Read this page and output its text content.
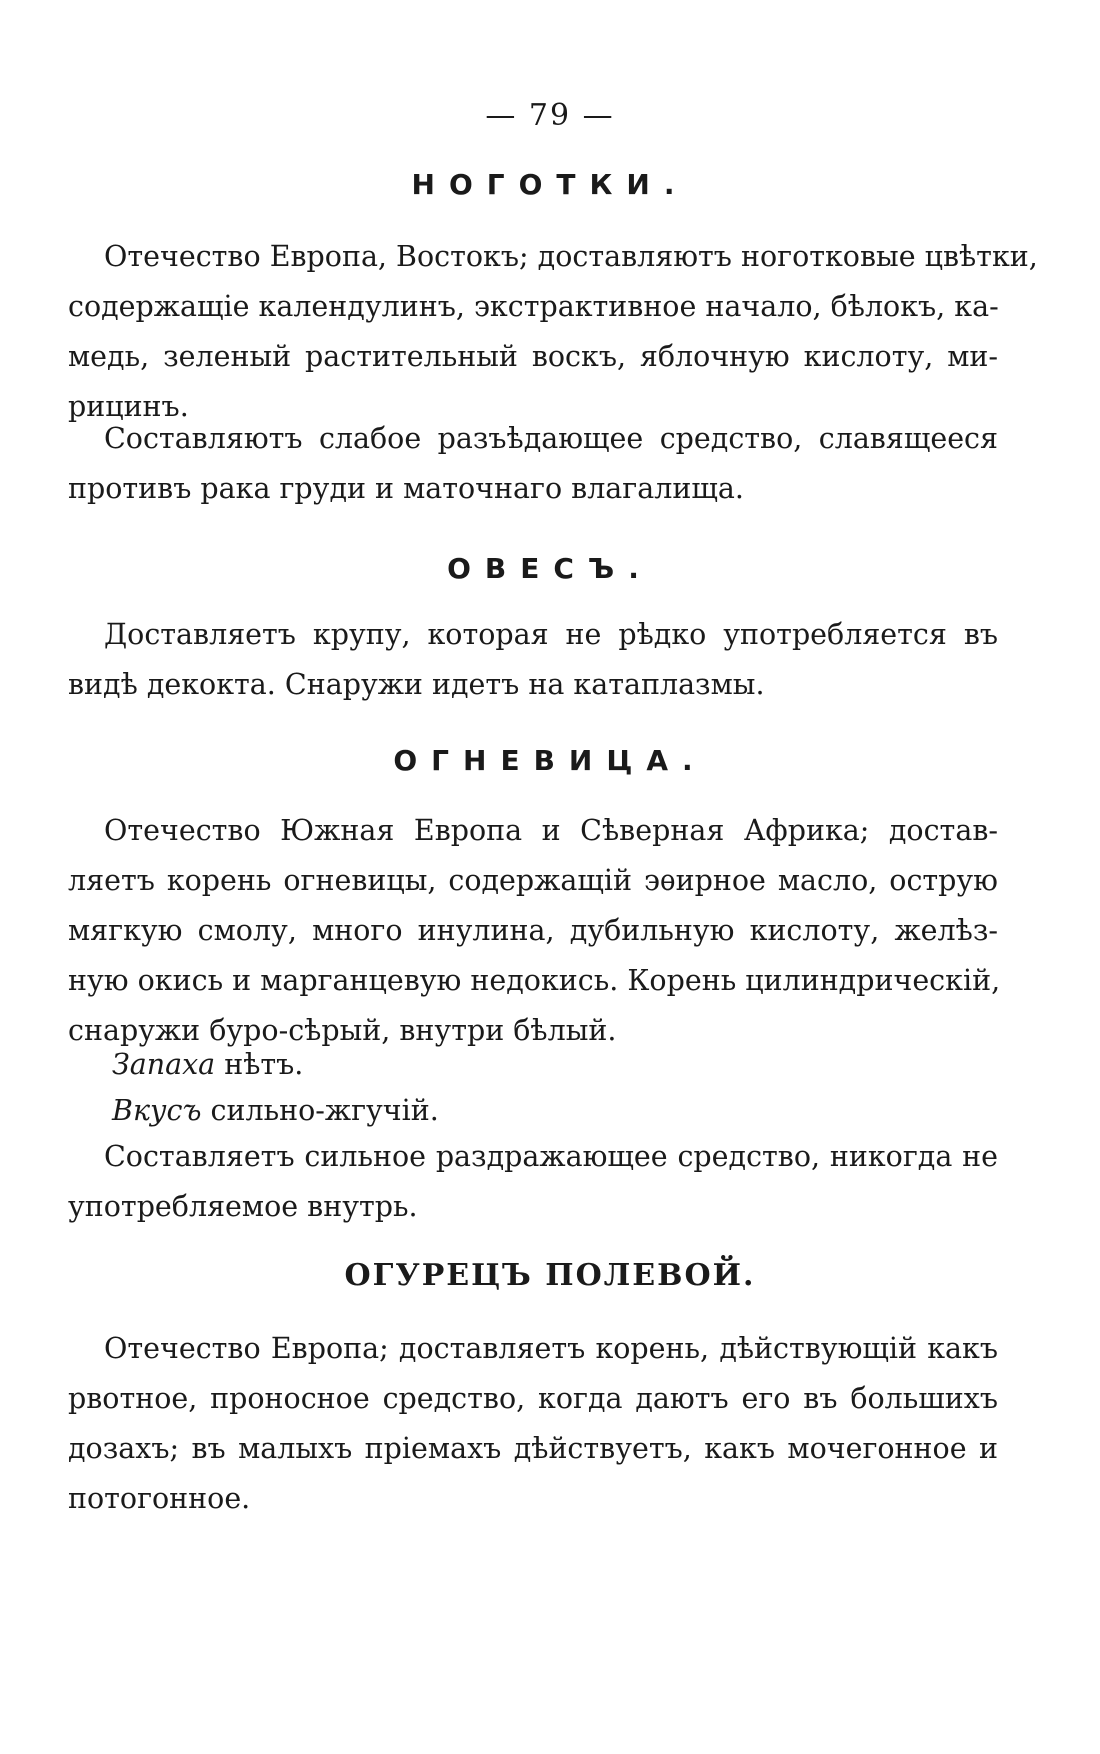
— 79 —
НОГОТКИ.
Отечество Европа, Востокъ; доставляютъ ноготковые цвѣтки,
содержащіе календулинъ, экстрактивное начало, бѣлокъ, ка-
медь, зеленый растительный воскъ, яблочную кислоту, ми-
рицинъ.
Составляютъ слабое разъѣдающее средство, славящееся
противъ рака груди и маточнаго влагалища.
ОВЕСЪ.
Доставляетъ крупу, которая не рѣдко употребляется въ
видѣ декокта. Снаружи идетъ на катаплазмы.
ОГНЕВИЦА.
Отечество Южная Европа и Сѣверная Африка; достав-
ляетъ корень огневицы, содержащій эѳирное масло, острую
мягкую смолу, много инулина, дубильную кислоту, желѣз-
ную окись и марганцевую недокись. Корень цилиндрическій,
снаружи буро-сѣрый, внутри бѣлый.
Запаха нѣтъ.
Вкусъ сильно-жгучій.
Составляетъ сильное раздражающее средство, никогда не
употребляемое внутрь.
ОГУРЕЦЪ ПОЛЕВОЙ.
Отечество Европа; доставляетъ корень, дѣйствующій какъ
рвотное, проносное средство, когда даютъ его въ большихъ
дозахъ; въ малыхъ пріемахъ дѣйствуетъ, какъ мочегонное и
потогонное.
